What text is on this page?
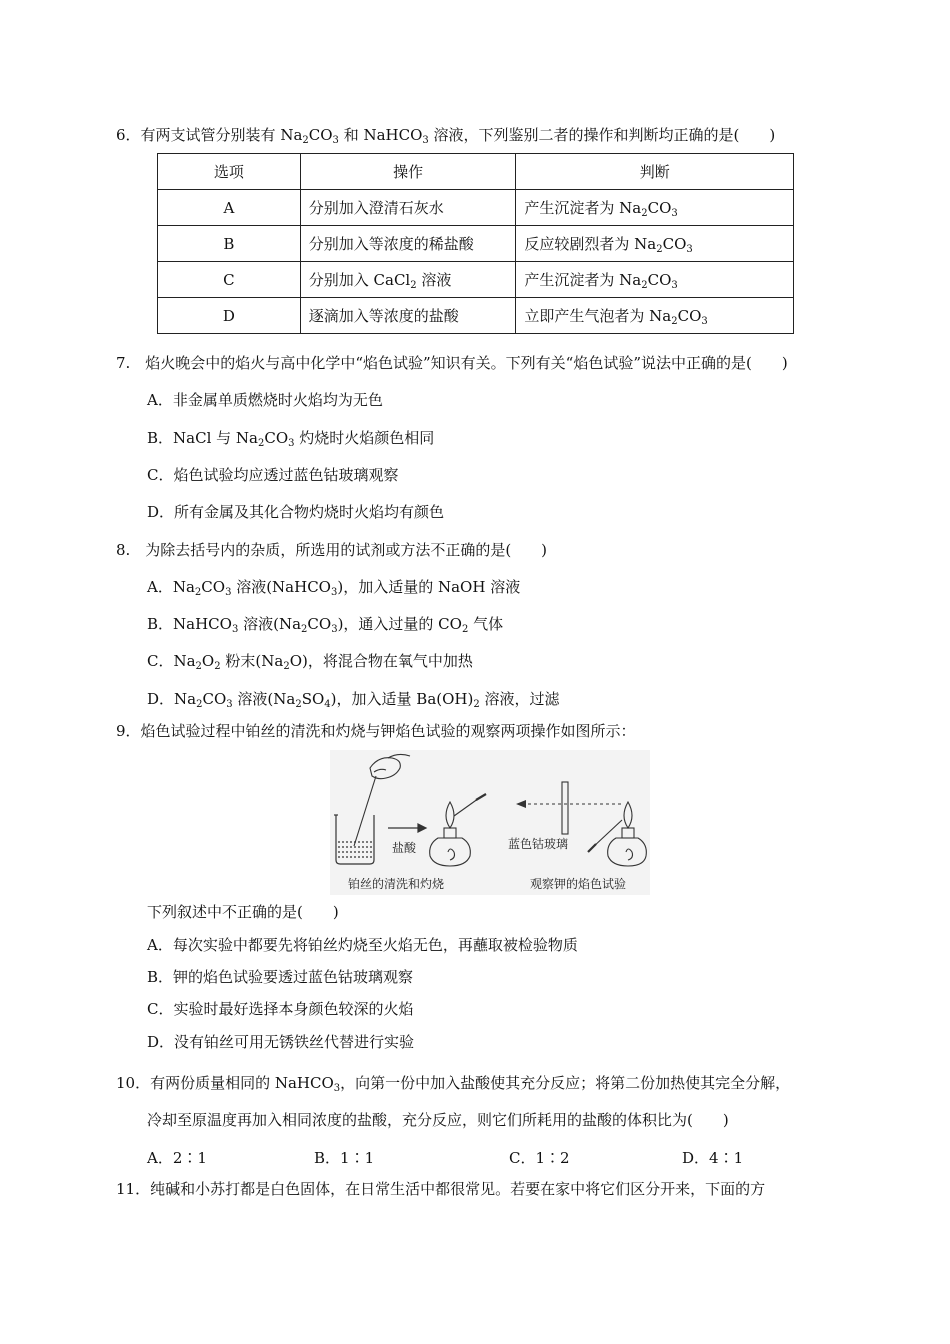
6．有两支试管分别装有 $Na_2CO_3$ 和 NaHCO$_3$ 溶液，下列鉴别二者的操作和判断均正确的是(　　)
选项	操作	判断
A	分别加入澄清石灰水	产生沉淀者为 $Na_2CO_3$
B	分别加入等浓度的稀盐酸	反应较剧烈者为 $Na_2CO_3$
C	分别加入 CaCl$_2$ 溶液	产生沉淀者为 $Na_2CO_3$
D	逐滴加入等浓度的盐酸	立即产生气泡者为 $Na_2CO_3$
7.　焰火晚会中的焰火与高中化学中“焰色试验”知识有关。下列有关“焰色试验”说法中正确的是(　　)
A．非金属单质燃烧时火焰均为无色
B．NaCl 与 $Na_2CO_3$ 灼烧时火焰颜色相同
C．焰色试验均应透过蓝色钴玻璃观察
D．所有金属及其化合物灼烧时火焰均有颜色
8.　为除去括号内的杂质，所选用的试剂或方法不正确的是(　　)
A．$Na_2CO_3$ 溶液(NaHCO$_3$)，加入适量的 NaOH 溶液
B．NaHCO$_3$ 溶液$(Na_2CO_3)$，通入过量的 $CO_2$ 气体
C．$Na_2O_2$ 粉末$(Na_2O)$，将混合物在氧气中加热
D．$Na_2CO_3$ 溶液$(Na_2SO_4)$，加入适量 $Ba(OH)_2$ 溶液，过滤
9．焰色试验过程中铂丝的清洗和灼烧与钾焰色试验的观察两项操作如图所示：
盐酸	蓝色钴玻璃
铂丝的清洗和灼烧	观察钾的焰色试验
下列叙述中不正确的是(　　)
A．每次实验中都要先将铂丝灼烧至火焰无色，再蘸取被检验物质
B．钾的焰色试验要透过蓝色钴玻璃观察
C．实验时最好选择本身颜色较深的火焰
D．没有铂丝可用无锈铁丝代替进行实验
10．有两份质量相同的 NaHCO$_3$，向第一份中加入盐酸使其充分反应；将第二份加热使其完全分解，
冷却至原温度再加入相同浓度的盐酸，充分反应，则它们所耗用的盐酸的体积比为(　　)
A．2∶1	B．1∶1	C．1∶2	D．4∶1
11．纯碱和小苏打都是白色固体，在日常生活中都很常见。若要在家中将它们区分开来，下面的方
